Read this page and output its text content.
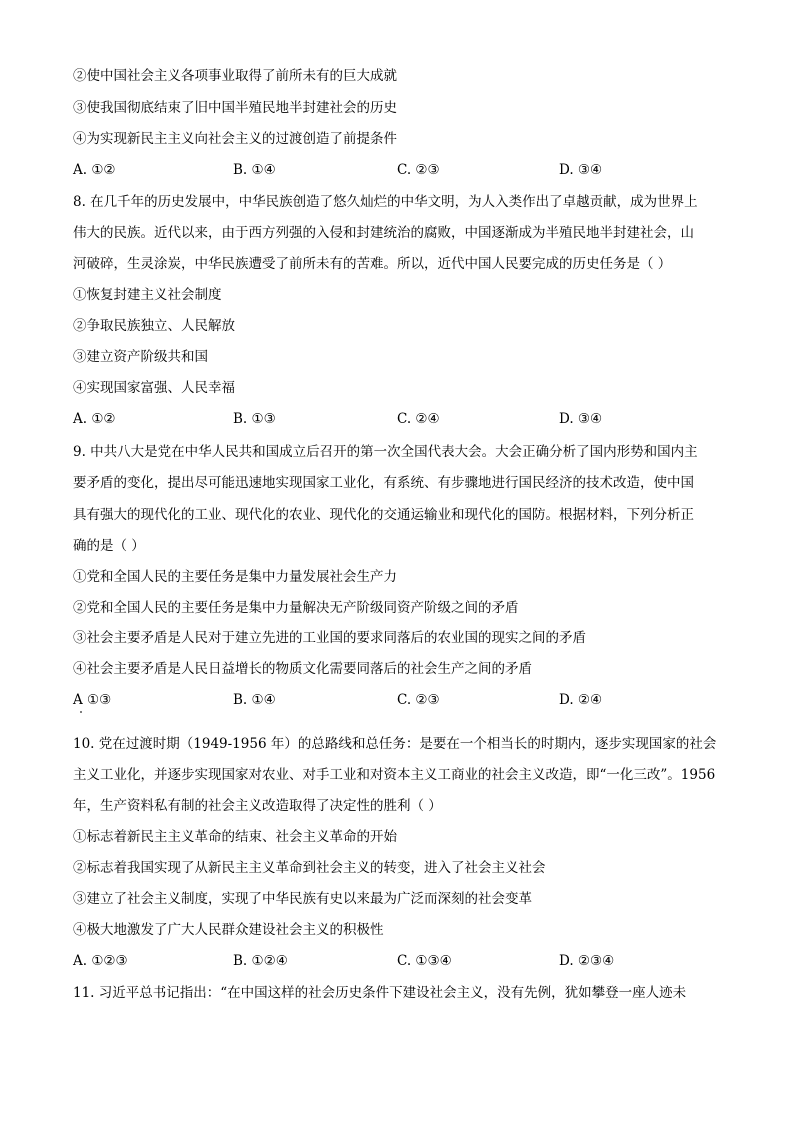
②使中国社会主义各项事业取得了前所未有的巨大成就
③使我国彻底结束了旧中国半殖民地半封建社会的历史
④为实现新民主主义向社会主义的过渡创造了前提条件
A. ①②	B. ①④	C. ②③	D. ③④
8. 在几千年的历史发展中，中华民族创造了悠久灿烂的中华文明，为人入类作出了卓越贡献，成为世界上
伟大的民族。近代以来，由于西方列强的入侵和封建统治的腐败，中国逐渐成为半殖民地半封建社会，山
河破碎，生灵涂炭，中华民族遭受了前所未有的苦难。所以，近代中国人民要完成的历史任务是（ ）
①恢复封建主义社会制度
②争取民族独立、人民解放
③建立资产阶级共和国
④实现国家富强、人民幸福
A. ①②	B. ①③	C. ②④	D. ③④
9. 中共八大是党在中华人民共和国成立后召开的第一次全国代表大会。大会正确分析了国内形势和国内主
要矛盾的变化，提出尽可能迅速地实现国家工业化，有系统、有步骤地进行国民经济的技术改造，使中国
具有强大的现代化的工业、现代化的农业、现代化的交通运输业和现代化的国防。根据材料，下列分析正
确的是（ ）
①党和全国人民的主要任务是集中力量发展社会生产力
②党和全国人民的主要任务是集中力量解决无产阶级同资产阶级之间的矛盾
③社会主要矛盾是人民对于建立先进的工业国的要求同落后的农业国的现实之间的矛盾
④社会主要矛盾是人民日益增长的物质文化需要同落后的社会生产之间的矛盾
A ①③	B. ①④	C. ②③	D. ②④
10. 党在过渡时期（1949-1956 年）的总路线和总任务：是要在一个相当长的时期内，逐步实现国家的社会
主义工业化，并逐步实现国家对农业、对手工业和对资本主义工商业的社会主义改造，即“一化三改”。1956
年，生产资料私有制的社会主义改造取得了决定性的胜利（ ）
①标志着新民主主义革命的结束、社会主义革命的开始
②标志着我国实现了从新民主主义革命到社会主义的转变，进入了社会主义社会
③建立了社会主义制度，实现了中华民族有史以来最为广泛而深刻的社会变革
④极大地激发了广大人民群众建设社会主义的积极性
A. ①②③	B. ①②④	C. ①③④	D. ②③④
11. 习近平总书记指出：“在中国这样的社会历史条件下建设社会主义，没有先例，犹如攀登一座人迹未
